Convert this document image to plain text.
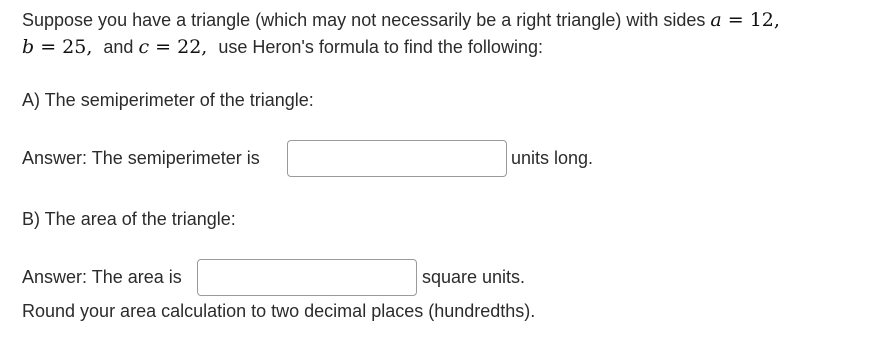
Suppose you have a triangle (which may not necessarily be a right triangle) with sides a = 12,
b = 25, and c = 22, use Heron's formula to find the following:
A) The semiperimeter of the triangle:
Answer: The semiperimeter is	units long.
B) The area of the triangle:
Answer: The area is	square units.
Round your area calculation to two decimal places (hundredths).
